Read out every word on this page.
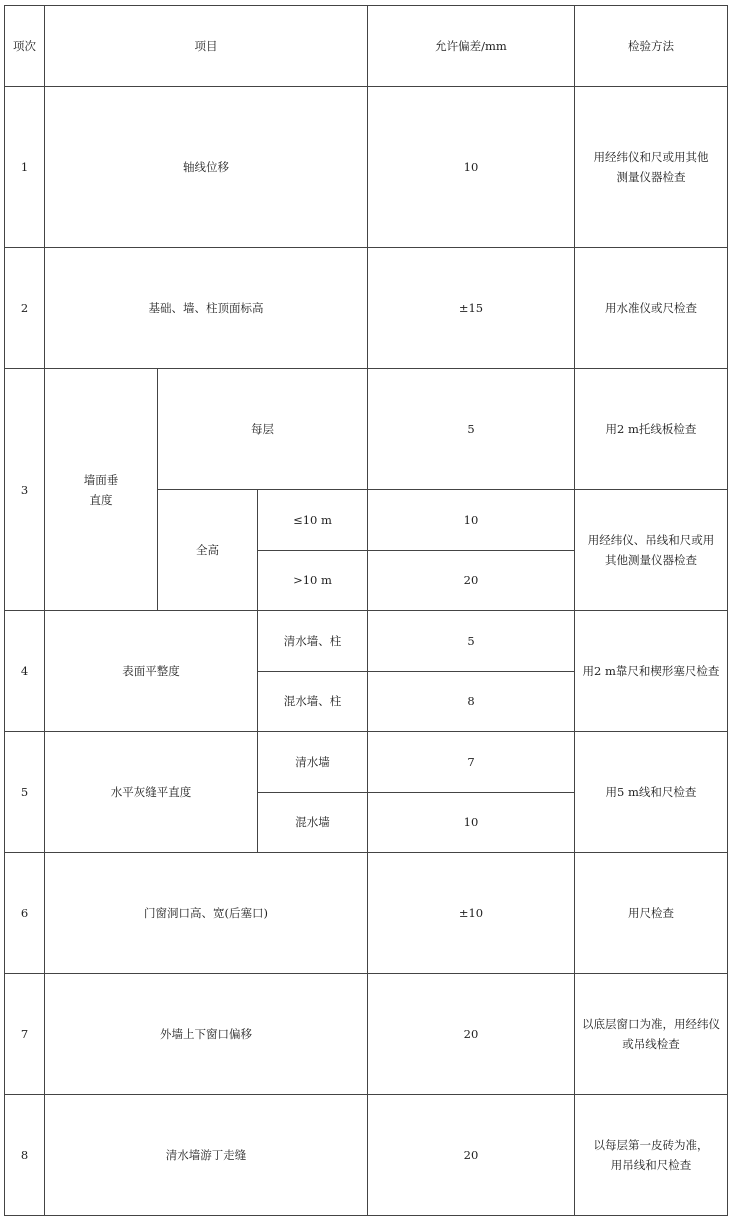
项次	项目			允许偏差/mm	检验方法	
1	轴线位移			10	用经纬仪和尺或用其他
测量仪器检查	
2	基础、墙、柱顶面标高			±15	用水准仪或尺检查	
3	墙面垂
直度	每层		5	用2 m托线板检查	
		全高	≤10 m	10	用经纬仪、吊线和尺或用
其他测量仪器检查	
			>10 m	20		
4	表面平整度		清水墙、柱	5	用2 m靠尺和楔形塞尺检查	
			混水墙、柱	8		
5	水平灰缝平直度		清水墙	7	用5 m线和尺检查	
			混水墙	10		
6	门窗洞口高、宽(后塞口)			±10	用尺检查	
7	外墙上下窗口偏移			20	以底层窗口为准，用经纬仪
或吊线检查	
8	清水墙游丁走缝			20	以每层第一皮砖为准，
用吊线和尺检查	
